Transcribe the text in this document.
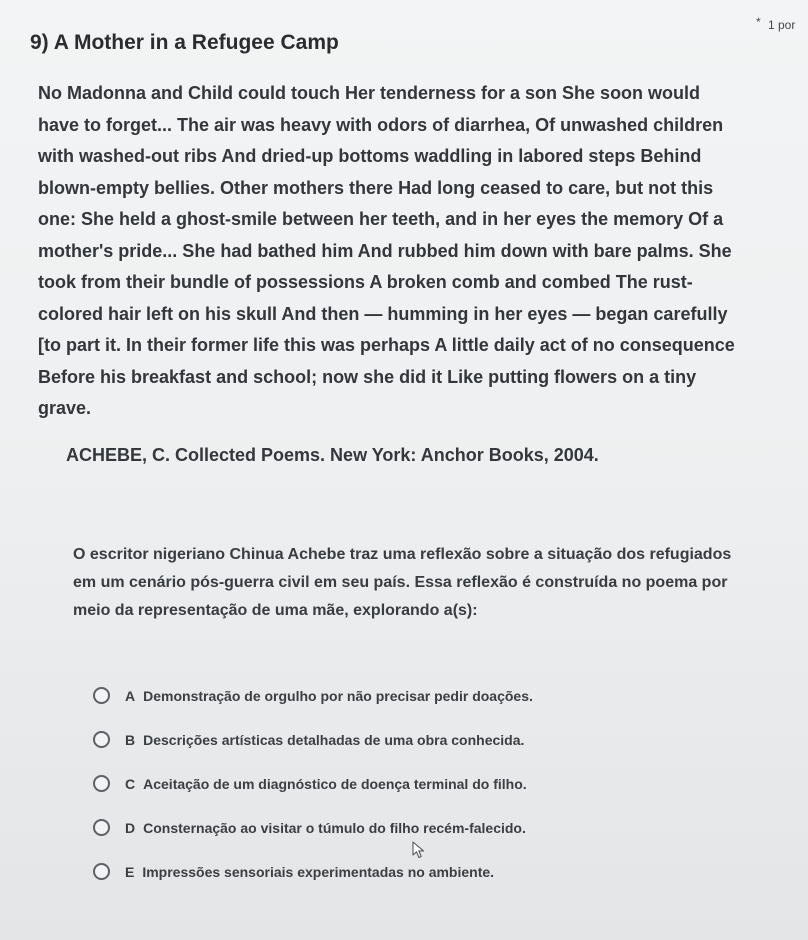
* 1 por
9) A Mother in a Refugee Camp

No Madonna and Child could touch Her tenderness for a son She soon would have to forget... The air was heavy with odors of diarrhea, Of unwashed children with washed-out ribs And dried-up bottoms waddling in labored steps Behind blown-empty bellies. Other mothers there Had long ceased to care, but not this one: She held a ghost-smile between her teeth, and in her eyes the memory Of a mother's pride... She had bathed him And rubbed him down with bare palms. She took from their bundle of possessions A broken comb and combed The rust-colored hair left on his skull And then — humming in her eyes — began carefully [to part it. In their former life this was perhaps A little daily act of no consequence Before his breakfast and school; now she did it Like putting flowers on a tiny grave.

ACHEBE, C. Collected Poems. New York: Anchor Books, 2004.

O escritor nigeriano Chinua Achebe traz uma reflexão sobre a situação dos refugiados em um cenário pós-guerra civil em seu país. Essa reflexão é construída no poema por meio da representação de uma mãe, explorando a(s):

A Demonstração de orgulho por não precisar pedir doações.
B Descrições artísticas detalhadas de uma obra conhecida.
C Aceitação de um diagnóstico de doença terminal do filho.
D Consternação ao visitar o túmulo do filho recém-falecido.
E Impressões sensoriais experimentadas no ambiente.
